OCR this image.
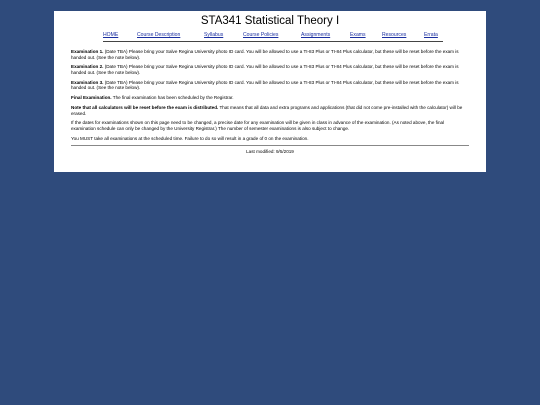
STA341 Statistical Theory I
HOME	Course Description	Syllabus	Course Policies	Assignments	Exams	Resources	Errata

Examination 1. (Date TBA) Please bring your Salve Regina University photo ID card. You will be allowed to use a TI-83 Plus or TI-84 Plus calculator, but these will be reset before the exam is handed out. (See the note below).

Examination 2. (Date TBA) Please bring your Salve Regina University photo ID card. You will be allowed to use a TI-83 Plus or TI-84 Plus calculator, but these will be reset before the exam is handed out. (See the note below).

Examination 3. (Date TBA) Please bring your Salve Regina University photo ID card. You will be allowed to use a TI-83 Plus or TI-84 Plus calculator, but these will be reset before the exam is handed out. (See the note below).

Final Examination. The final examination has been scheduled by the Registrar.

Note that all calculators will be reset before the exam is distributed. That means that all data and extra programs and applications (that did not come pre-installed with the calculator) will be erased.

If the dates for examinations shown on this page need to be changed, a precise date for any examination will be given in class in advance of the examination. (As noted above, the final examination schedule can only be changed by the University Registrar.) The number of semester examinations is also subject to change.

You MUST take all examinations at the scheduled time. Failure to do so will result in a grade of 0 on the examination.

Last modified: 9/5/2019
